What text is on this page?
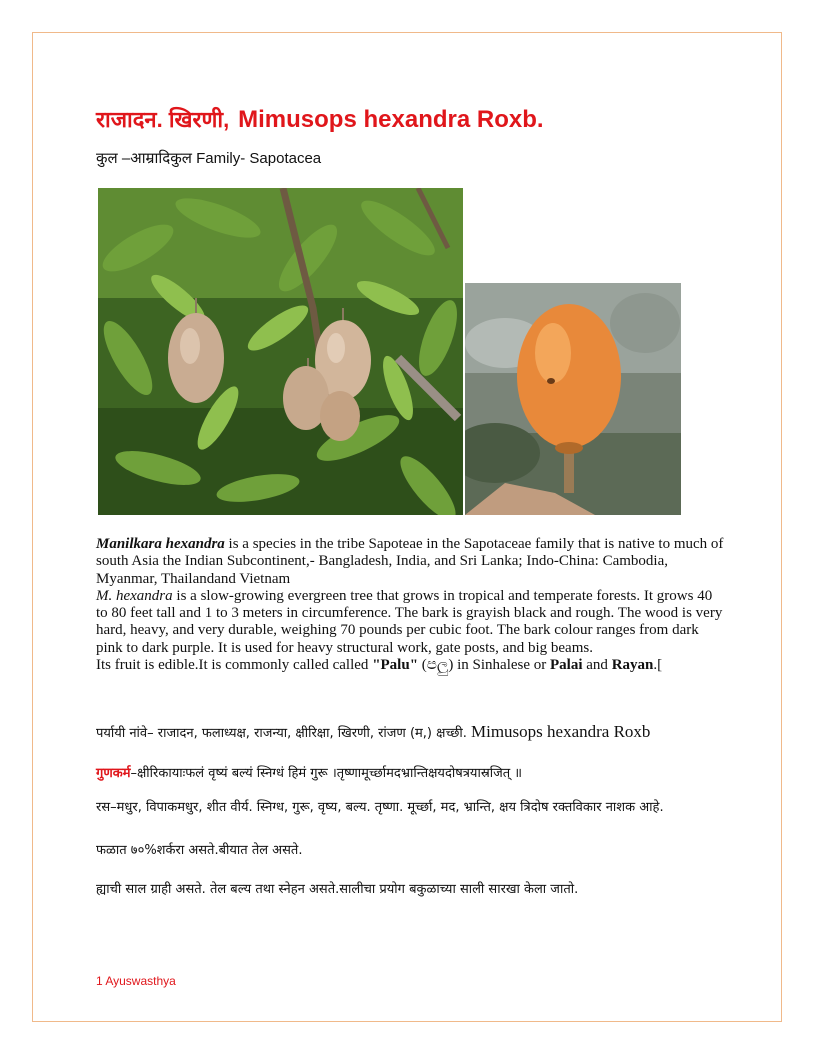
राजादन. खिरणी, Mimusops hexandra Roxb.
कुल –आम्रादिकुल Family- Sapotacea

Manilkara hexandra is a species in the tribe Sapoteae in the Sapotaceae family that is native to much of south Asia the Indian Subcontinent,- Bangladesh, India, and Sri Lanka; Indo-China: Cambodia, Myanmar, Thailandand Vietnam

M. hexandra is a slow-growing evergreen tree that grows in tropical and temperate forests. It grows 40 to 80 feet tall and 1 to 3 meters in circumference. The bark is grayish black and rough. The wood is very hard, heavy, and very durable, weighing 70 pounds per cubic foot. The bark colour ranges from dark pink to dark purple. It is used for heavy structural work, gate posts, and big beams.

Its fruit is edible.It is commonly called called "Palu" (පලු) in Sinhalese or Palai and Rayan.[

पर्यायी नांवे– राजादन, फलाध्यक्ष, राजन्या, क्षीरिक्षा, खिरणी, रांजण (म,) क्षच्छी. Mimusops hexandra Roxb
गुणकर्म–क्षीरिकायाःफलं वृष्यं बल्यं स्निग्धं हिमं गुरू ।तृष्णामूर्च्छामदभ्रान्तिक्षयदोषत्रयास्रजित् ॥
रस–मधुर, विपाकमधुर, शीत वीर्य. स्निग्ध, गुरू, वृष्य, बल्य. तृष्णा. मूर्च्छा, मद, भ्रान्ति, क्षय त्रिदोष रक्तविकार नाशक आहे.
फळात ७०%शर्करा असते.बीयात तेल असते.
ह्याची साल ग्राही असते. तेल बल्य तथा स्नेहन असते.सालीचा प्रयोग बकुळाच्या साली सारखा केला जातो.
1 Ayuswasthya
